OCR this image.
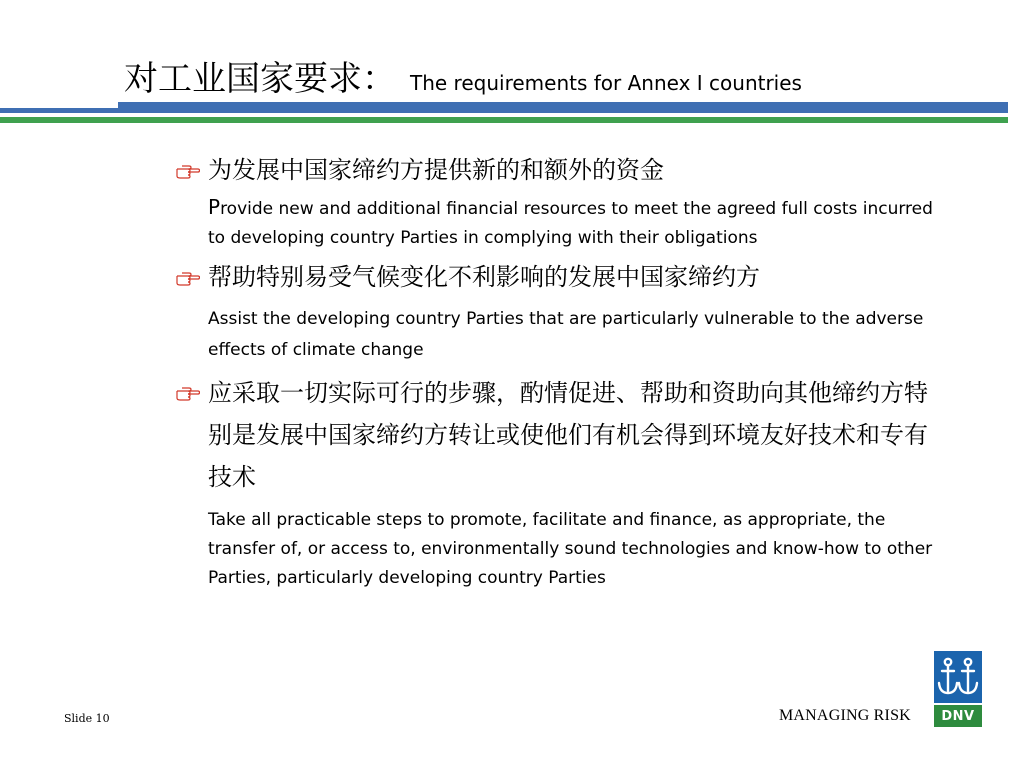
对工业国家要求： The requirements for Annex I countries
为发展中国家缔约方提供新的和额外的资金
Provide new and additional financial resources to meet the agreed full costs incurred to developing country Parties in complying with their obligations
帮助特别易受气候变化不利影响的发展中国家缔约方
Assist the developing country Parties that are particularly vulnerable to the adverse effects of climate change
应采取一切实际可行的步骤，酌情促进、帮助和资助向其他缔约方特别是发展中国家缔约方转让或使他们有机会得到环境友好技术和专有技术
Take all practicable steps to promote, facilitate and finance, as appropriate, the transfer of, or access to, environmentally sound technologies and know-how to other Parties, particularly developing country Parties
Slide 10	MANAGING RISK DNV
